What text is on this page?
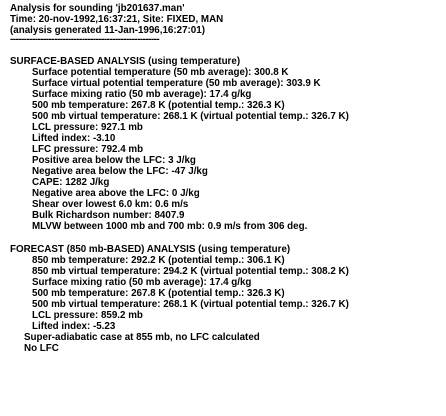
Analysis for sounding 'jb201637.man'
Time: 20-nov-1992,16:37:21, Site: FIXED, MAN
(analysis generated 11-Jan-1996,16:27:01)
------------------------------------------------------
SURFACE-BASED ANALYSIS (using temperature)
Surface potential temperature (50 mb average): 300.8 K
Surface virtual potential temperature (50 mb average): 303.9 K
Surface mixing ratio (50 mb average): 17.4 g/kg
500 mb temperature: 267.8 K (potential temp.: 326.3 K)
500 mb virtual temperature: 268.1 K (virtual potential temp.: 326.7 K)
LCL pressure: 927.1 mb
Lifted index: -3.10
LFC pressure: 792.4 mb
Positive area below the LFC: 3 J/kg
Negative area below the LFC: -47 J/kg
CAPE: 1282 J/kg
Negative area above the LFC: 0 J/kg
Shear over lowest 6.0 km: 0.6 m/s
Bulk Richardson number: 8407.9
MLVW between 1000 mb and 700 mb: 0.9 m/s from 306 deg.
FORECAST (850 mb-BASED) ANALYSIS (using temperature)
850 mb temperature: 292.2 K (potential temp.: 306.1 K)
850 mb virtual temperature: 294.2 K (virtual potential temp.: 308.2 K)
Surface mixing ratio (50 mb average): 17.4 g/kg
500 mb temperature: 267.8 K (potential temp.: 326.3 K)
500 mb virtual temperature: 268.1 K (virtual potential temp.: 326.7 K)
LCL pressure: 859.2 mb
Lifted index: -5.23
Super-adiabatic case at 855 mb, no LFC calculated
No LFC
